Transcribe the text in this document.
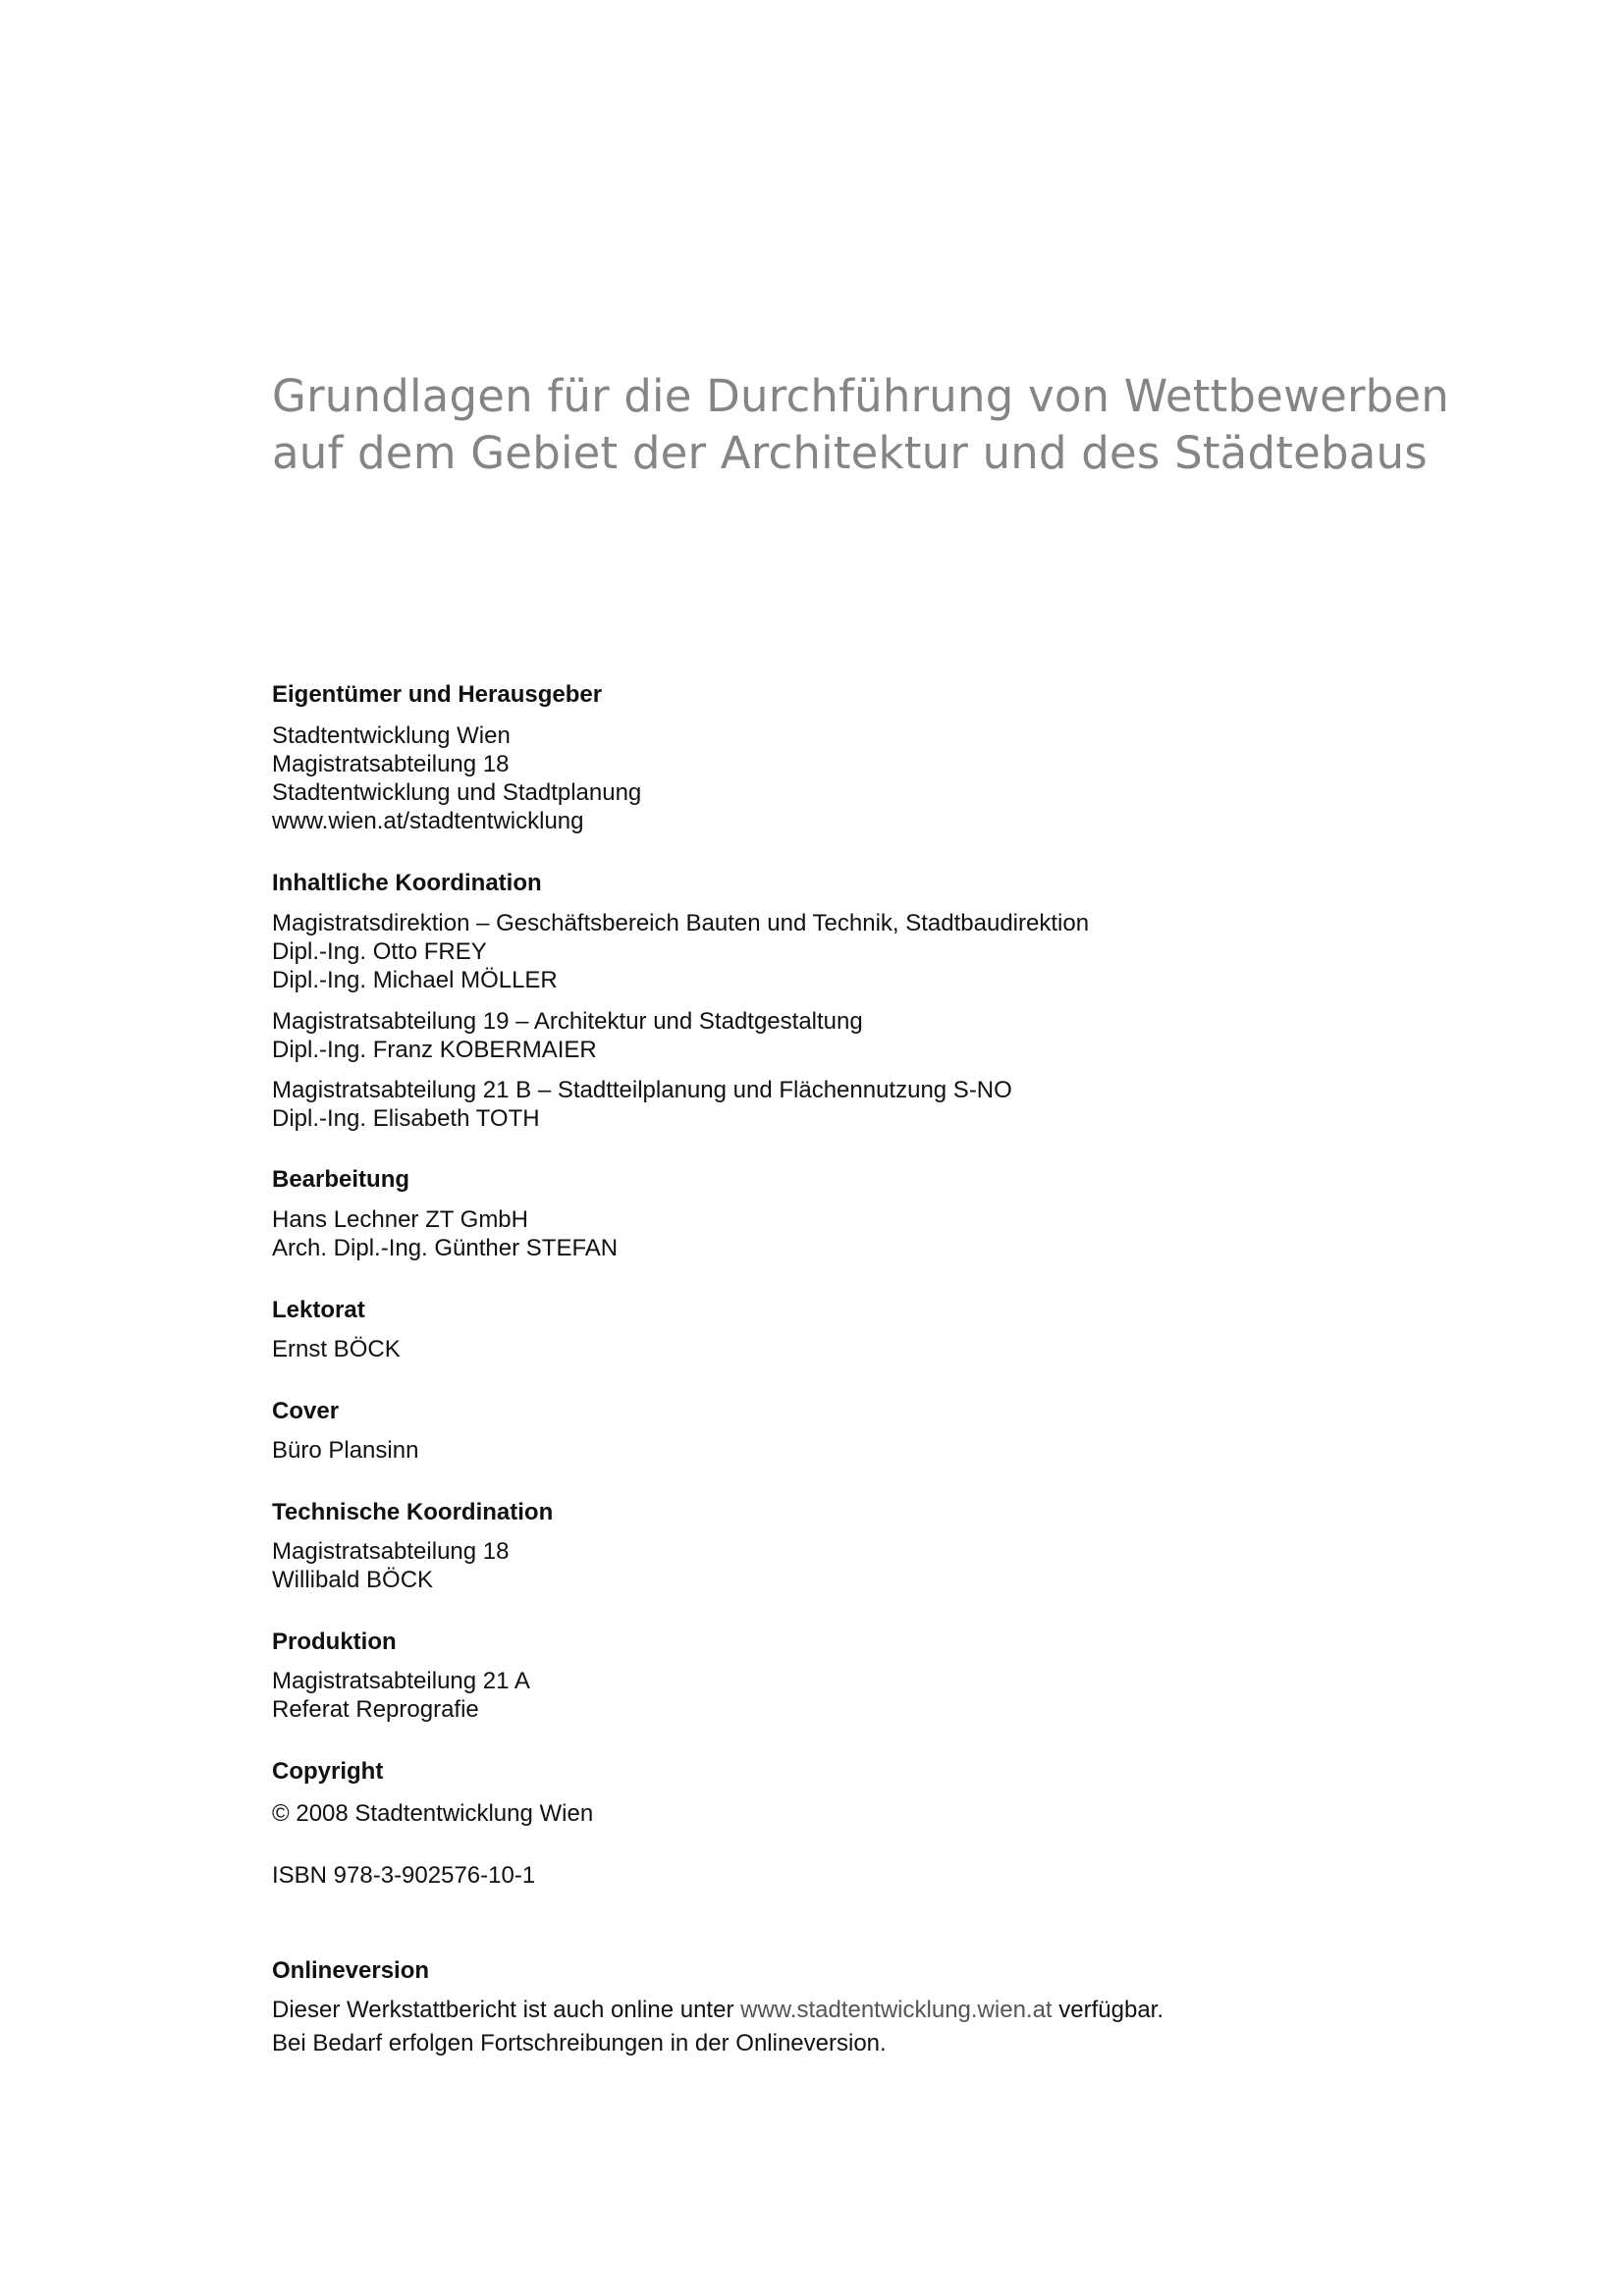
Grundlagen für die Durchführung von Wettbewerben
auf dem Gebiet der Architektur und des Städtebaus
Eigentümer und Herausgeber
Stadtentwicklung Wien
Magistratsabteilung 18
Stadtentwicklung und Stadtplanung
www.wien.at/stadtentwicklung
Inhaltliche Koordination
Magistratsdirektion – Geschäftsbereich Bauten und Technik, Stadtbaudirektion
Dipl.-Ing. Otto FREY
Dipl.-Ing. Michael MÖLLER
Magistratsabteilung 19 – Architektur und Stadtgestaltung
Dipl.-Ing. Franz KOBERMAIER
Magistratsabteilung 21 B – Stadtteilplanung und Flächennutzung S-NO
Dipl.-Ing. Elisabeth TOTH
Bearbeitung
Hans Lechner ZT GmbH
Arch. Dipl.-Ing. Günther STEFAN
Lektorat
Ernst BÖCK
Cover
Büro Plansinn
Technische Koordination
Magistratsabteilung 18
Willibald BÖCK
Produktion
Magistratsabteilung 21 A
Referat Reprografie
Copyright
© 2008 Stadtentwicklung Wien
ISBN 978-3-902576-10-1
Onlineversion
Dieser Werkstattbericht ist auch online unter www.stadtentwicklung.wien.at verfügbar.
Bei Bedarf erfolgen Fortschreibungen in der Onlineversion.
